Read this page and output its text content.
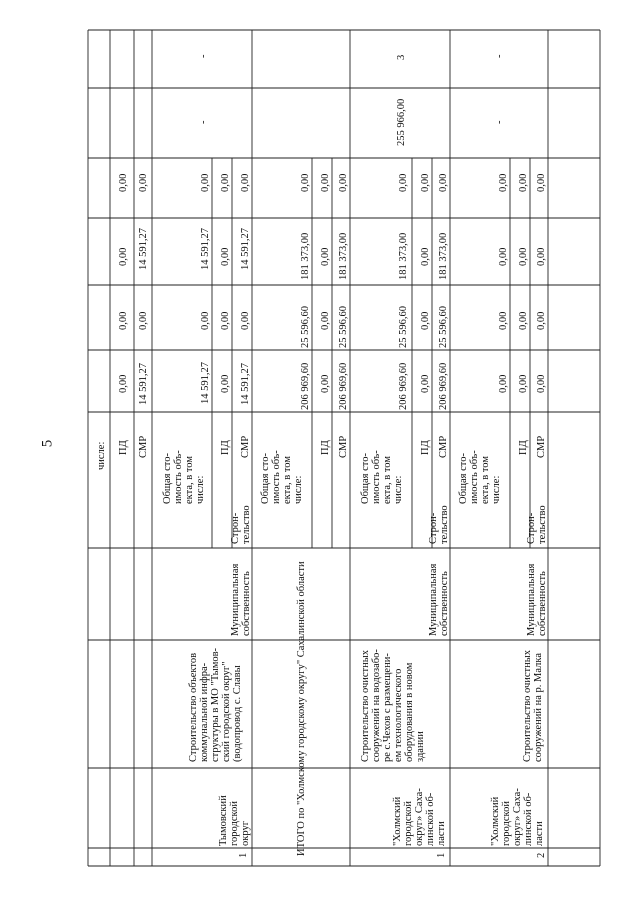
5	числе: ПД СМР
0,00
0,00
0,00
0,00
14 591,27
0,00
14 591,27
0,00
1
Тымовскийгородскойокруг
Строительство объектов коммунальной инфра- структуры в МО "Тымов- ский городской округ" (водопровод с. Славы
Муниципальнаясобственность
Строн-тельство
Общая сто-имость объ-екта, в томчисле:
14 591,27
0,00
14 591,27
0,00
ПД
0,00
0,00
0,00
0,00
СМР
14 591,27
0,00
14 591,27
0,00
-
-
ИТОГО по "Холмскому городскому округу" Сахалинской области
Общая сто-имость объ-екта, в томчисле:
206 969,60
25 596,60
181 373,00
0,00
ПД
0,00
0,00
0,00
0,00
СМР
206 969,60
25 596,60
181 373,00
0,00
1
"Холмскийгородскойокруг» Саха-линской об-ласти
Строительство очистных сооружений на водозабо- ре с.Чехов с размещени- ем технологического оборудования в новом здании
Муниципальнаясобственность
Строн-тельство
Общая сто-имость объ-екта, в томчисле:
206 969,60
25 596,60
181 373,00
0,00
ПД
0,00
0,00
0,00
0,00
СМР
206 969,60
25 596,60
181 373,00
0,00
255 966,00
3
2
"Холмскийгородскойокруг» Саха-линской об-ласти
Строительство очистныхсооружений на р. Малка
Муниципальнаясобственность
Строн-тельство
Общая сто-имость объ-екта, в томчисле:
0,00
0,00
0,00
0,00
ПД
0,00
0,00
0,00
0,00
СМР
0,00
0,00
0,00
0,00
-
-
